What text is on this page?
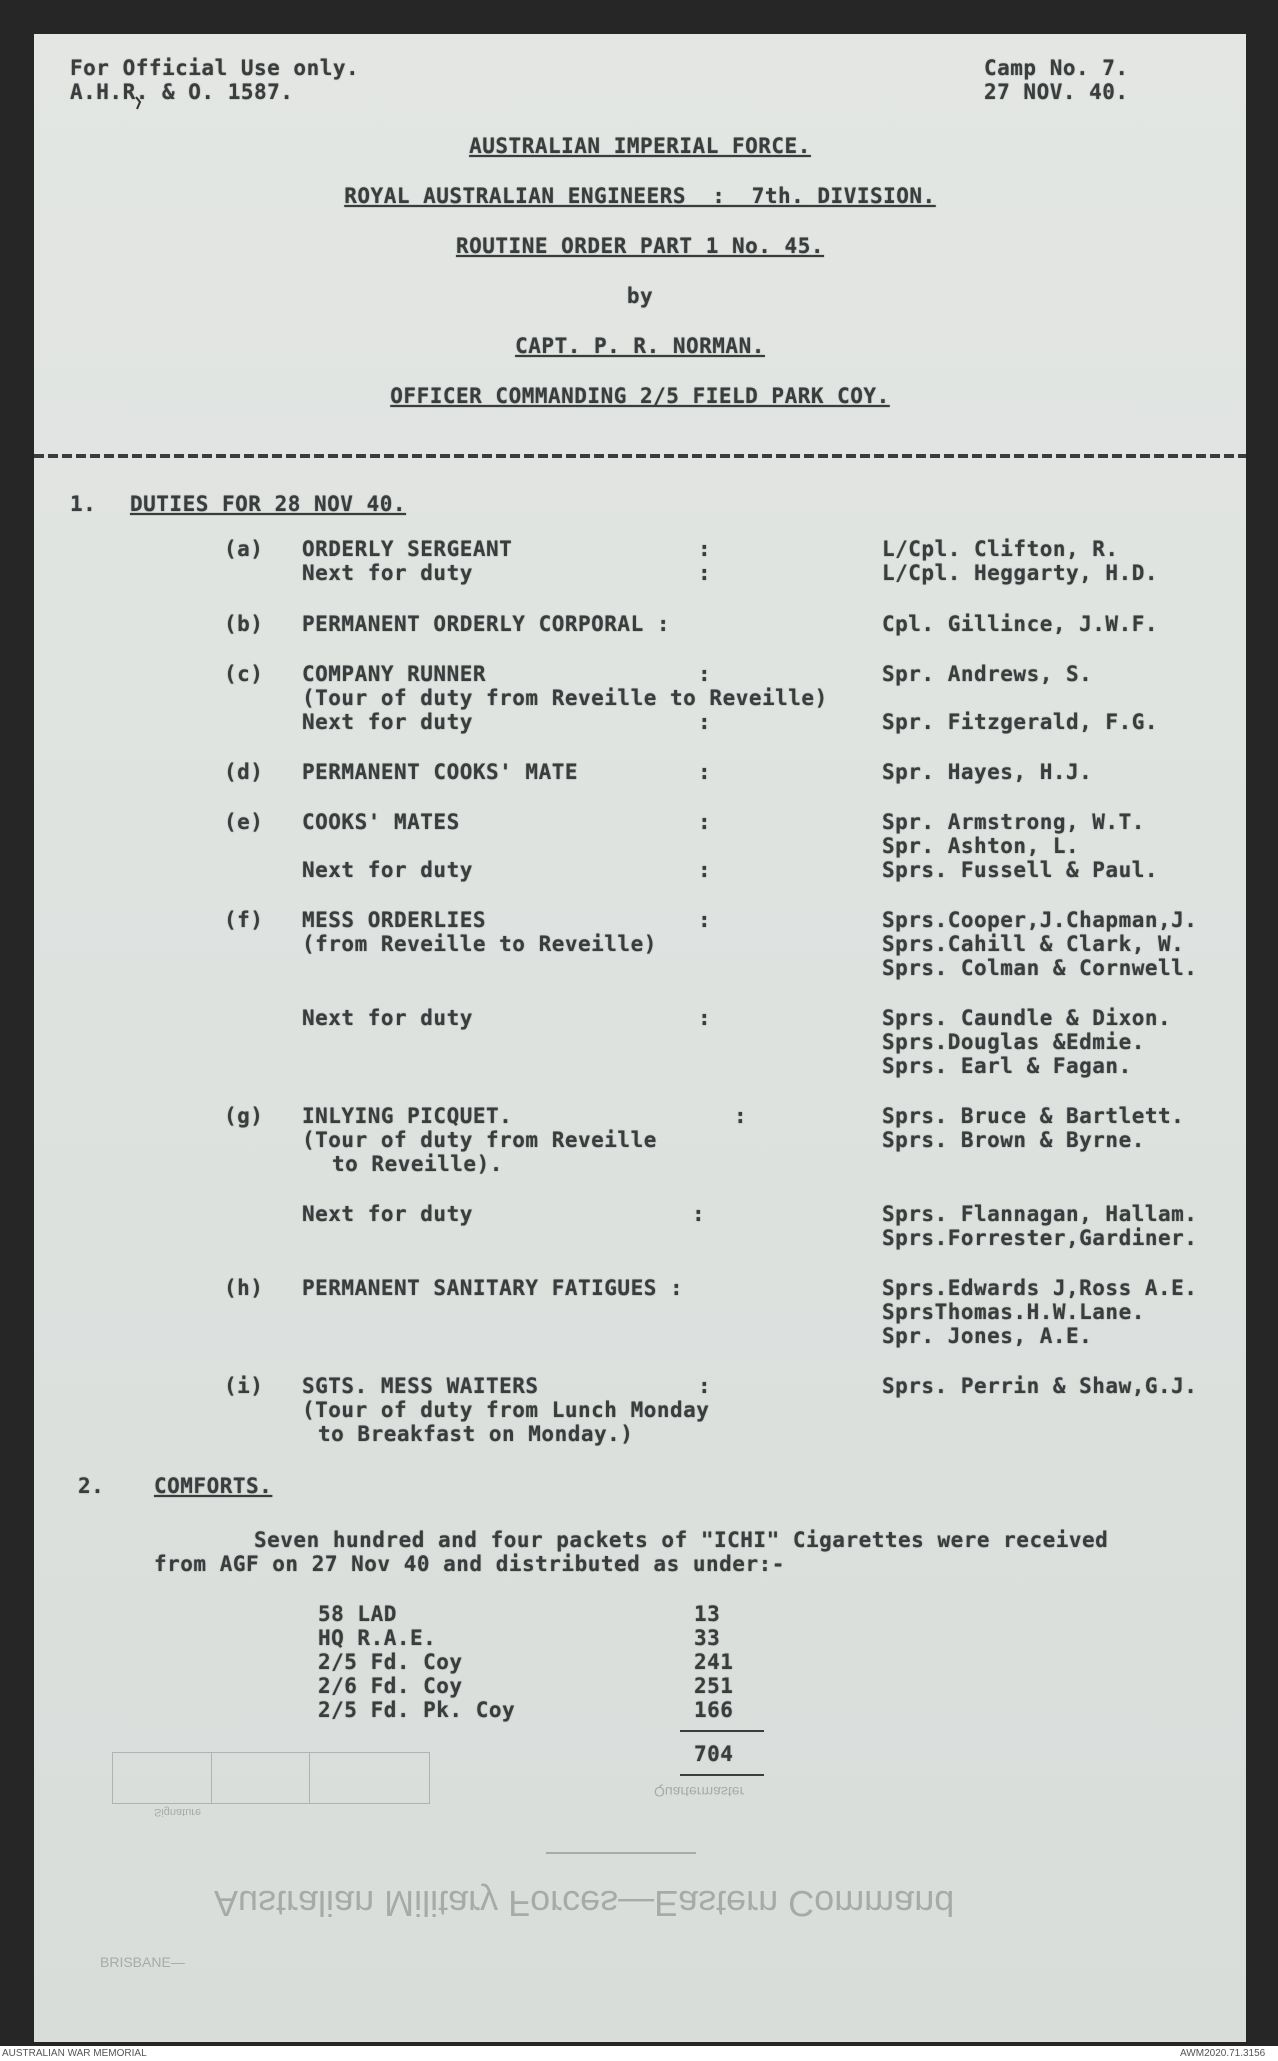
For Official Use only.
A.H.R. & O. 1587.
Camp No. 7.
27 NOV. 40.
AUSTRALIAN IMPERIAL FORCE.
ROYAL AUSTRALIAN ENGINEERS  :  7th. DIVISION.
ROUTINE ORDER PART 1 No. 45.
by
CAPT. P. R. NORMAN.
OFFICER COMMANDING 2/5 FIELD PARK COY.
1. DUTIES FOR 28 NOV 40.
(a) ORDERLY SERGEANT	:	L/Cpl. Clifton, R.
Next for duty	:	L/Cpl. Heggarty, H.D.
(b) PERMANENT ORDERLY CORPORAL :	Cpl. Gillince, J.W.F.
(c) COMPANY RUNNER	:	Spr. Andrews, S.
(Tour of duty from Reveille to Reveille)
Next for duty	:	Spr. Fitzgerald, F.G.
(d) PERMANENT COOKS' MATE	:	Spr. Hayes, H.J.
(e) COOKS' MATES	:	Spr. Armstrong, W.T.
Spr. Ashton, L.
Next for duty	:	Sprs. Fussell & Paul.
(f) MESS ORDERLIES	:	Sprs.Cooper,J.Chapman,J.
(from Reveille to Reveille)	Sprs.Cahill & Clark, W.
Sprs. Colman & Cornwell.
Next for duty	:	Sprs. Caundle & Dixon.
Sprs.Douglas &Edmie.
Sprs. Earl & Fagan.
(g) INLYING PICQUET.	:	Sprs. Bruce & Bartlett.
(Tour of duty from Reveille	Sprs. Brown & Byrne.
to Reveille).
Next for duty	:	Sprs. Flannagan, Hallam.
Sprs.Forrester,Gardiner.
(h) PERMANENT SANITARY FATIGUES :	Sprs.Edwards J,Ross A.E.
SprsThomas.H.W.Lane.
Spr. Jones, A.E.
(i) SGTS. MESS WAITERS	:	Sprs. Perrin & Shaw,G.J.
(Tour of duty from Lunch Monday
to Breakfast on Monday.)
2. COMFORTS.
Seven hundred and four packets of "ICHI" Cigarettes were received
from AGF on 27 Nov 40 and distributed as under:-
58 LAD	13
HQ R.A.E.	33
2/5 Fd. Coy	241
2/6 Fd. Coy	251
2/5 Fd. Pk. Coy	166
704
Signature
Quartermaster
Australian Military Forces—Eastern Command
BRISBANE—
AUSTRALIAN WAR MEMORIAL	AWM2020.71.3156
